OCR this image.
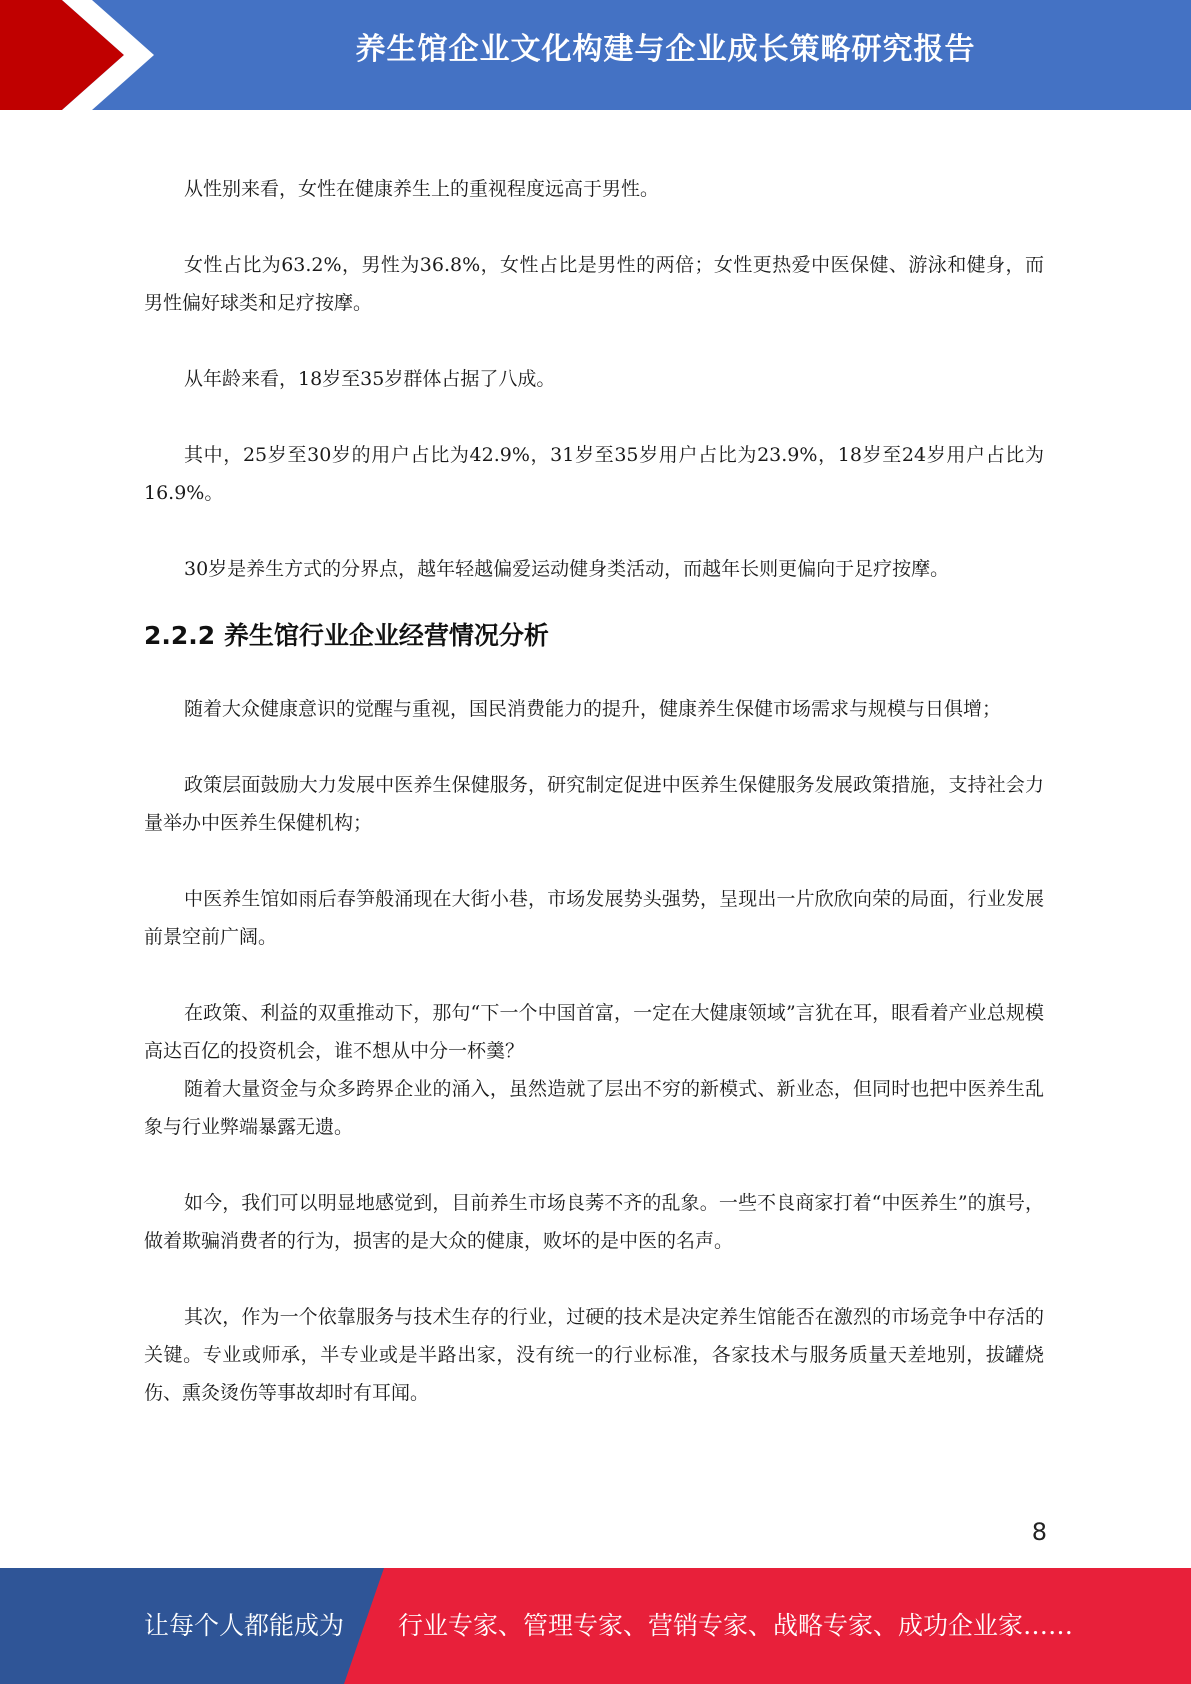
养生馆企业文化构建与企业成长策略研究报告

从性别来看，女性在健康养生上的重视程度远高于男性。

女性占比为63.2%，男性为36.8%，女性占比是男性的两倍；女性更热爱中医保健、游泳和健身，而男性偏好球类和足疗按摩。

从年龄来看，18岁至35岁群体占据了八成。

其中，25岁至30岁的用户占比为42.9%，31岁至35岁用户占比为23.9%，18岁至24岁用户占比为16.9%。

30岁是养生方式的分界点，越年轻越偏爱运动健身类活动，而越年长则更偏向于足疗按摩。

2.2.2 养生馆行业企业经营情况分析

随着大众健康意识的觉醒与重视，国民消费能力的提升，健康养生保健市场需求与规模与日俱增；

政策层面鼓励大力发展中医养生保健服务，研究制定促进中医养生保健服务发展政策措施，支持社会力量举办中医养生保健机构；

中医养生馆如雨后春笋般涌现在大街小巷，市场发展势头强势，呈现出一片欣欣向荣的局面，行业发展前景空前广阔。

在政策、利益的双重推动下，那句“下一个中国首富，一定在大健康领域”言犹在耳，眼看着产业总规模高达百亿的投资机会，谁不想从中分一杯羹？

随着大量资金与众多跨界企业的涌入，虽然造就了层出不穷的新模式、新业态，但同时也把中医养生乱象与行业弊端暴露无遗。

如今，我们可以明显地感觉到，目前养生市场良莠不齐的乱象。一些不良商家打着“中医养生”的旗号，做着欺骗消费者的行为，损害的是大众的健康，败坏的是中医的名声。

其次，作为一个依靠服务与技术生存的行业，过硬的技术是决定养生馆能否在激烈的市场竞争中存活的关键。专业或师承，半专业或是半路出家，没有统一的行业标准，各家技术与服务质量天差地别，拔罐烧伤、熏灸烫伤等事故却时有耳闻。

8
让每个人都能成为 行业专家、管理专家、营销专家、战略专家、成功企业家……
